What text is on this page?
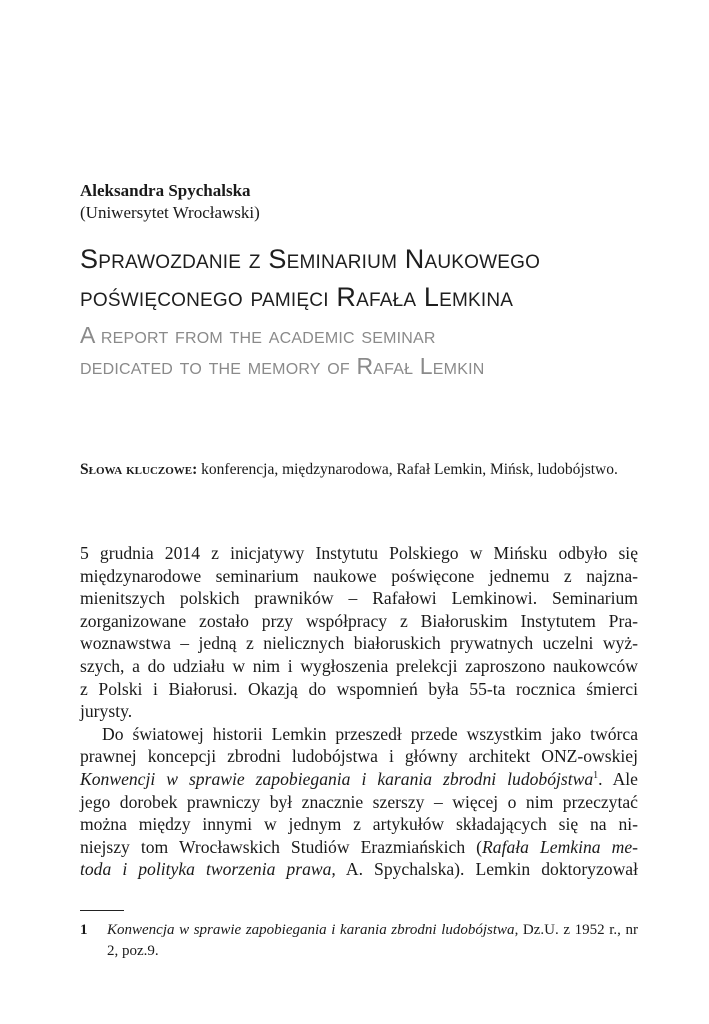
Aleksandra Spychalska
(Uniwersytet Wrocławski)
Sprawozdanie z Seminarium Naukowego
poświęconego pamięci Rafała Lemkina
A report from the academic seminar
dedicated to the memory of Rafał Lemkin
Słowa kluczowe: konferencja, międzynarodowa, Rafał Lemkin, Mińsk, ludobójstwo.

5 grudnia 2014 z inicjatywy Instytutu Polskiego w Mińsku odbyło się
międzynarodowe seminarium naukowe poświęcone jednemu z najzna-
mienitszych polskich prawników – Rafałowi Lemkinowi. Seminarium
zorganizowane zostało przy współpracy z Białoruskim Instytutem Pra-
woznawstwa – jedną z nielicznych białoruskich prywatnych uczelni wyż-
szych, a do udziału w nim i wygłoszenia prelekcji zaproszono naukowców
z Polski i Białorusi. Okazją do wspomnień była 55-ta rocznica śmierci
jurysty.

Do światowej historii Lemkin przeszedł przede wszystkim jako twórca
prawnej koncepcji zbrodni ludobójstwa i główny architekt ONZ-owskiej
Konwencji w sprawie zapobiegania i karania zbrodni ludobójstwa$^1$. Ale
jego dorobek prawniczy był znacznie szerszy – więcej o nim przeczytać
można między innymi w jednym z artykułów składających się na ni-
niejszy tom Wrocławskich Studiów Erazmiańskich (Rafała Lemkina me-
toda i polityka tworzenia prawa, A. Spychalska). Lemkin doktoryzował

1	Konwencja w sprawie zapobiegania i karania zbrodni ludobójstwa, Dz.U. z 1952 r., nr 2, poz.9.
